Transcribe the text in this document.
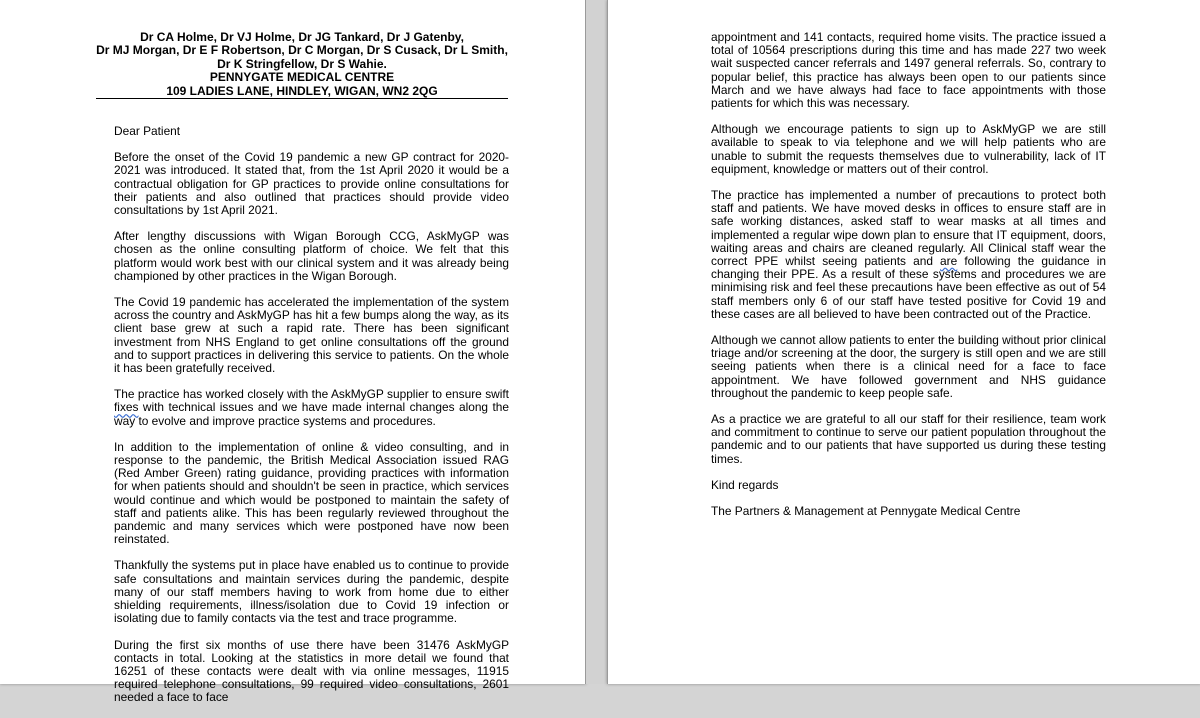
Dr CA Holme, Dr VJ Holme, Dr JG Tankard, Dr J Gatenby,
Dr MJ Morgan, Dr E F Robertson, Dr C Morgan, Dr S Cusack, Dr L Smith,
Dr K Stringfellow, Dr S Wahie.
PENNYGATE MEDICAL CENTRE
109 LADIES LANE, HINDLEY, WIGAN, WN2 2QG

Dear Patient

Before the onset of the Covid 19 pandemic a new GP contract for 2020-2021 was introduced. It stated that, from the 1st April 2020 it would be a contractual obligation for GP practices to provide online consultations for their patients and also outlined that practices should provide video consultations by 1st April 2021.

After lengthy discussions with Wigan Borough CCG, AskMyGP was chosen as the online consulting platform of choice. We felt that this platform would work best with our clinical system and it was already being championed by other practices in the Wigan Borough.

The Covid 19 pandemic has accelerated the implementation of the system across the country and AskMyGP has hit a few bumps along the way, as its client base grew at such a rapid rate. There has been significant investment from NHS England to get online consultations off the ground and to support practices in delivering this service to patients. On the whole it has been gratefully received.

The practice has worked closely with the AskMyGP supplier to ensure swift fixes with technical issues and we have made internal changes along the way to evolve and improve practice systems and procedures.

In addition to the implementation of online & video consulting, and in response to the pandemic, the British Medical Association issued RAG (Red Amber Green) rating guidance, providing practices with information for when patients should and shouldn't be seen in practice, which services would continue and which would be postponed to maintain the safety of staff and patients alike. This has been regularly reviewed throughout the pandemic and many services which were postponed have now been reinstated.

Thankfully the systems put in place have enabled us to continue to provide safe consultations and maintain services during the pandemic, despite many of our staff members having to work from home due to either shielding requirements, illness/isolation due to Covid 19 infection or isolating due to family contacts via the test and trace programme.

During the first six months of use there have been 31476 AskMyGP contacts in total. Looking at the statistics in more detail we found that 16251 of these contacts were dealt with via online messages, 11915 required telephone consultations, 99 required video consultations, 2601 needed a face to face

appointment and 141 contacts, required home visits. The practice issued a total of 10564 prescriptions during this time and has made 227 two week wait suspected cancer referrals and 1497 general referrals. So, contrary to popular belief, this practice has always been open to our patients since March and we have always had face to face appointments with those patients for which this was necessary.

Although we encourage patients to sign up to AskMyGP we are still available to speak to via telephone and we will help patients who are unable to submit the requests themselves due to vulnerability, lack of IT equipment, knowledge or matters out of their control.

The practice has implemented a number of precautions to protect both staff and patients. We have moved desks in offices to ensure staff are in safe working distances, asked staff to wear masks at all times and implemented a regular wipe down plan to ensure that IT equipment, doors, waiting areas and chairs are cleaned regularly. All Clinical staff wear the correct PPE whilst seeing patients and are following the guidance in changing their PPE. As a result of these systems and procedures we are minimising risk and feel these precautions have been effective as out of 54 staff members only 6 of our staff have tested positive for Covid 19 and these cases are all believed to have been contracted out of the Practice.

Although we cannot allow patients to enter the building without prior clinical triage and/or screening at the door, the surgery is still open and we are still seeing patients when there is a clinical need for a face to face appointment. We have followed government and NHS guidance throughout the pandemic to keep people safe.

As a practice we are grateful to all our staff for their resilience, team work and commitment to continue to serve our patient population throughout the pandemic and to our patients that have supported us during these testing times.

Kind regards

The Partners & Management at Pennygate Medical Centre
